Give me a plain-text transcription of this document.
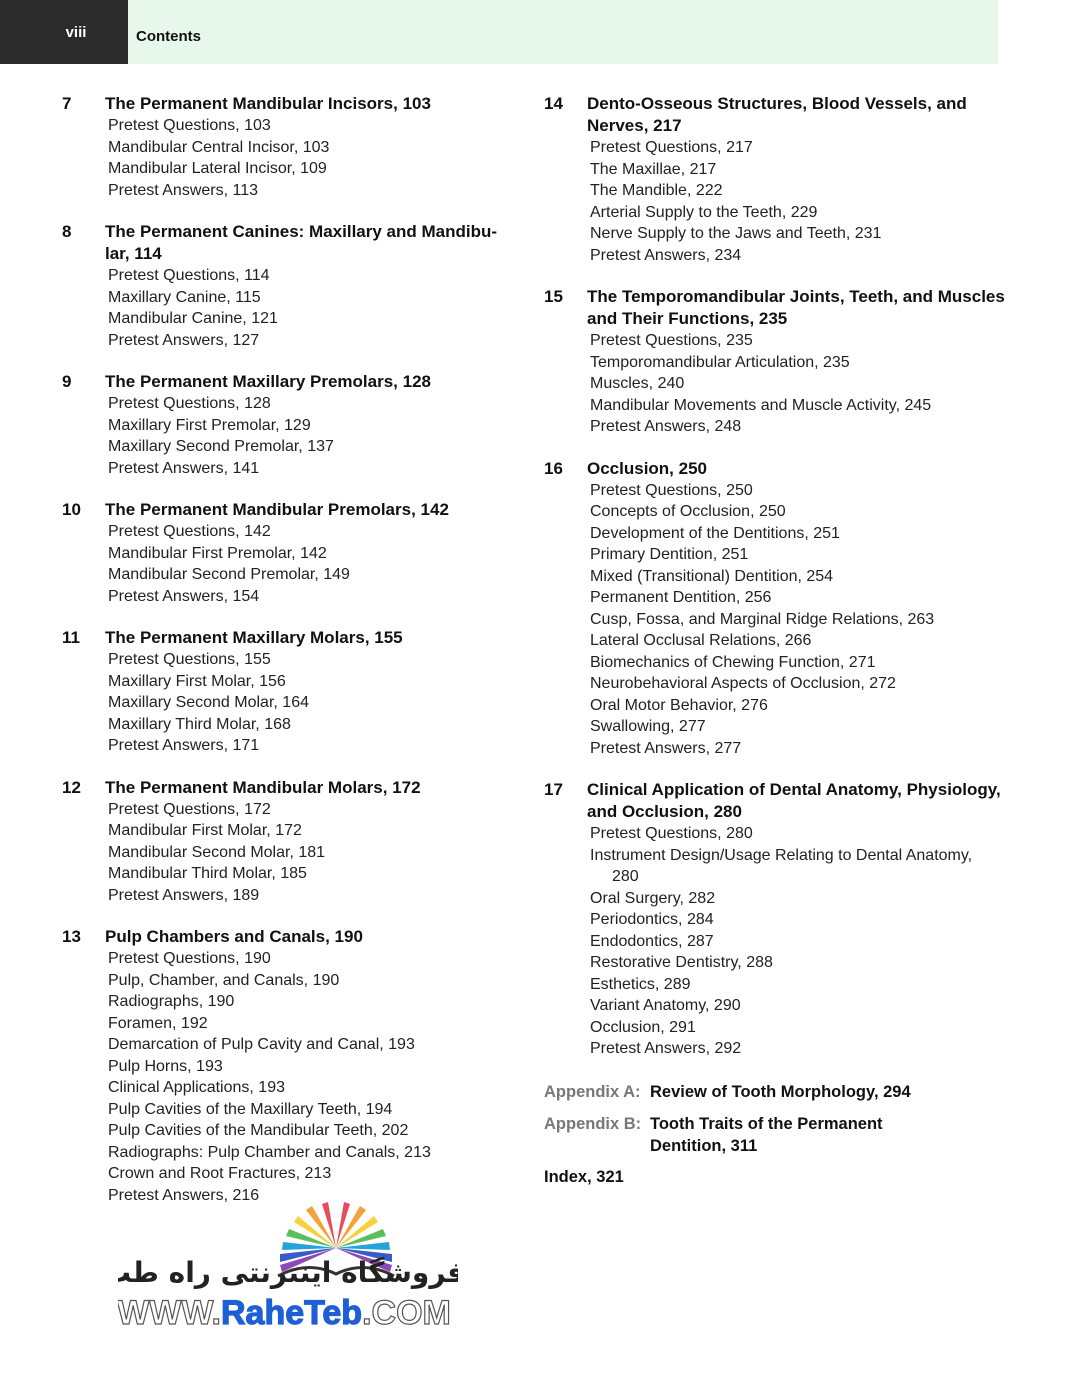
viii	Contents
7	The Permanent Mandibular Incisors, 103
Pretest Questions, 103
Mandibular Central Incisor, 103
Mandibular Lateral Incisor, 109
Pretest Answers, 113
8	The Permanent Canines: Maxillary and Mandibu-
lar, 114
Pretest Questions, 114
Maxillary Canine, 115
Mandibular Canine, 121
Pretest Answers, 127
9	The Permanent Maxillary Premolars, 128
Pretest Questions, 128
Maxillary First Premolar, 129
Maxillary Second Premolar, 137
Pretest Answers, 141
10	The Permanent Mandibular Premolars, 142
Pretest Questions, 142
Mandibular First Premolar, 142
Mandibular Second Premolar, 149
Pretest Answers, 154
11	The Permanent Maxillary Molars, 155
Pretest Questions, 155
Maxillary First Molar, 156
Maxillary Second Molar, 164
Maxillary Third Molar, 168
Pretest Answers, 171
12	The Permanent Mandibular Molars, 172
Pretest Questions, 172
Mandibular First Molar, 172
Mandibular Second Molar, 181
Mandibular Third Molar, 185
Pretest Answers, 189
13	Pulp Chambers and Canals, 190
Pretest Questions, 190
Pulp, Chamber, and Canals, 190
Radiographs, 190
Foramen, 192
Demarcation of Pulp Cavity and Canal, 193
Pulp Horns, 193
Clinical Applications, 193
Pulp Cavities of the Maxillary Teeth, 194
Pulp Cavities of the Mandibular Teeth, 202
Radiographs: Pulp Chamber and Canals, 213
Crown and Root Fractures, 213
Pretest Answers, 216
14	Dento-Osseous Structures, Blood Vessels, and Nerves, 217
Pretest Questions, 217
The Maxillae, 217
The Mandible, 222
Arterial Supply to the Teeth, 229
Nerve Supply to the Jaws and Teeth, 231
Pretest Answers, 234
15	The Temporomandibular Joints, Teeth, and Muscles and Their Functions, 235
Pretest Questions, 235
Temporomandibular Articulation, 235
Muscles, 240
Mandibular Movements and Muscle Activity, 245
Pretest Answers, 248
16	Occlusion, 250
Pretest Questions, 250
Concepts of Occlusion, 250
Development of the Dentitions, 251
Primary Dentition, 251
Mixed (Transitional) Dentition, 254
Permanent Dentition, 256
Cusp, Fossa, and Marginal Ridge Relations, 263
Lateral Occlusal Relations, 266
Biomechanics of Chewing Function, 271
Neurobehavioral Aspects of Occlusion, 272
Oral Motor Behavior, 276
Swallowing, 277
Pretest Answers, 277
17	Clinical Application of Dental Anatomy, Physiology, and Occlusion, 280
Pretest Questions, 280
Instrument Design/Usage Relating to Dental Anatomy,
280
Oral Surgery, 282
Periodontics, 284
Endodontics, 287
Restorative Dentistry, 288
Esthetics, 289
Variant Anatomy, 290
Occlusion, 291
Pretest Answers, 292
Appendix A: Review of Tooth Morphology, 294
Appendix B: Tooth Traits of the Permanent Dentition, 311
Index, 321
فروشگاه اینترنتی راه طب
WWW.RaheTeb.COM
